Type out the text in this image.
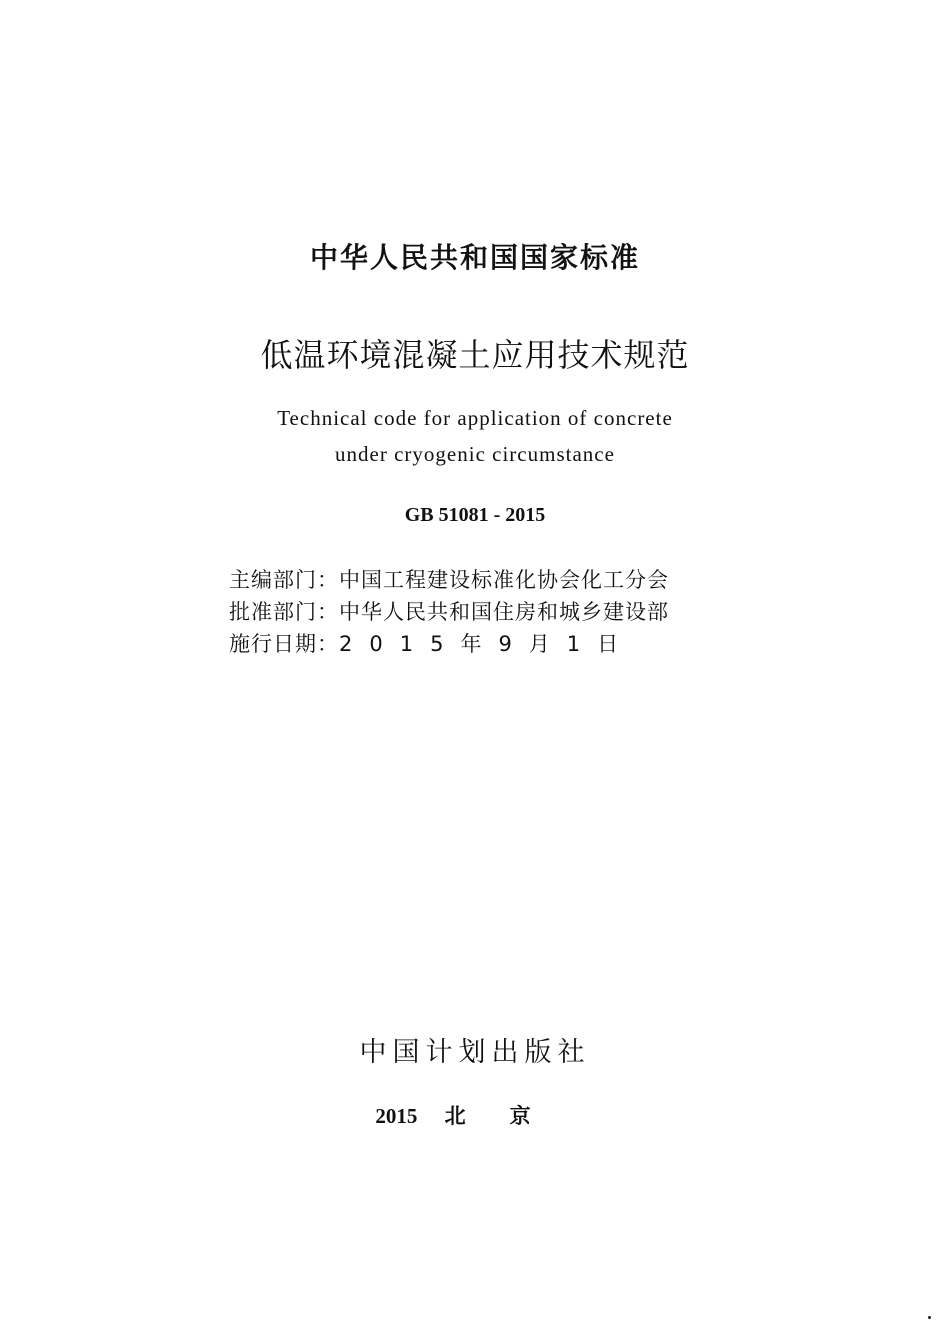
中华人民共和国国家标准
低温环境混凝土应用技术规范
Technical code for application of concrete
under cryogenic circumstance
GB 51081 - 2015
主编部门： 中国工程建设标准化协会化工分会
批准部门： 中华人民共和国住房和城乡建设部
施行日期： 2015年9月1日
中国计划出版社
2015 北京
